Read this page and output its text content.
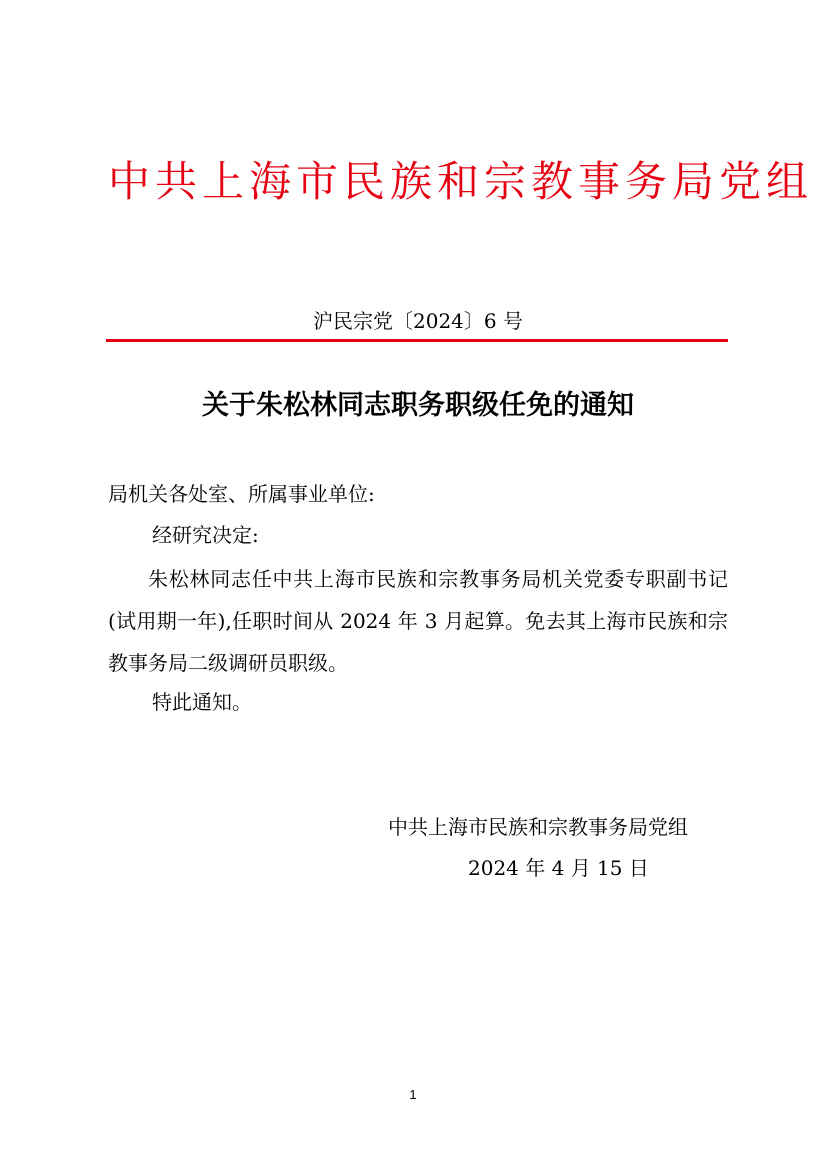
中共上海市民族和宗教事务局党组
沪民宗党〔2024〕6 号
关于朱松林同志职务职级任免的通知
局机关各处室、所属事业单位:
经研究决定:

朱松林同志任中共上海市民族和宗教事务局机关党委专职副书记(试用期一年),任职时间从 2024 年 3 月起算。免去其上海市民族和宗教事务局二级调研员职级。

特此通知。
中共上海市民族和宗教事务局党组
2024 年 4 月 15 日
1
